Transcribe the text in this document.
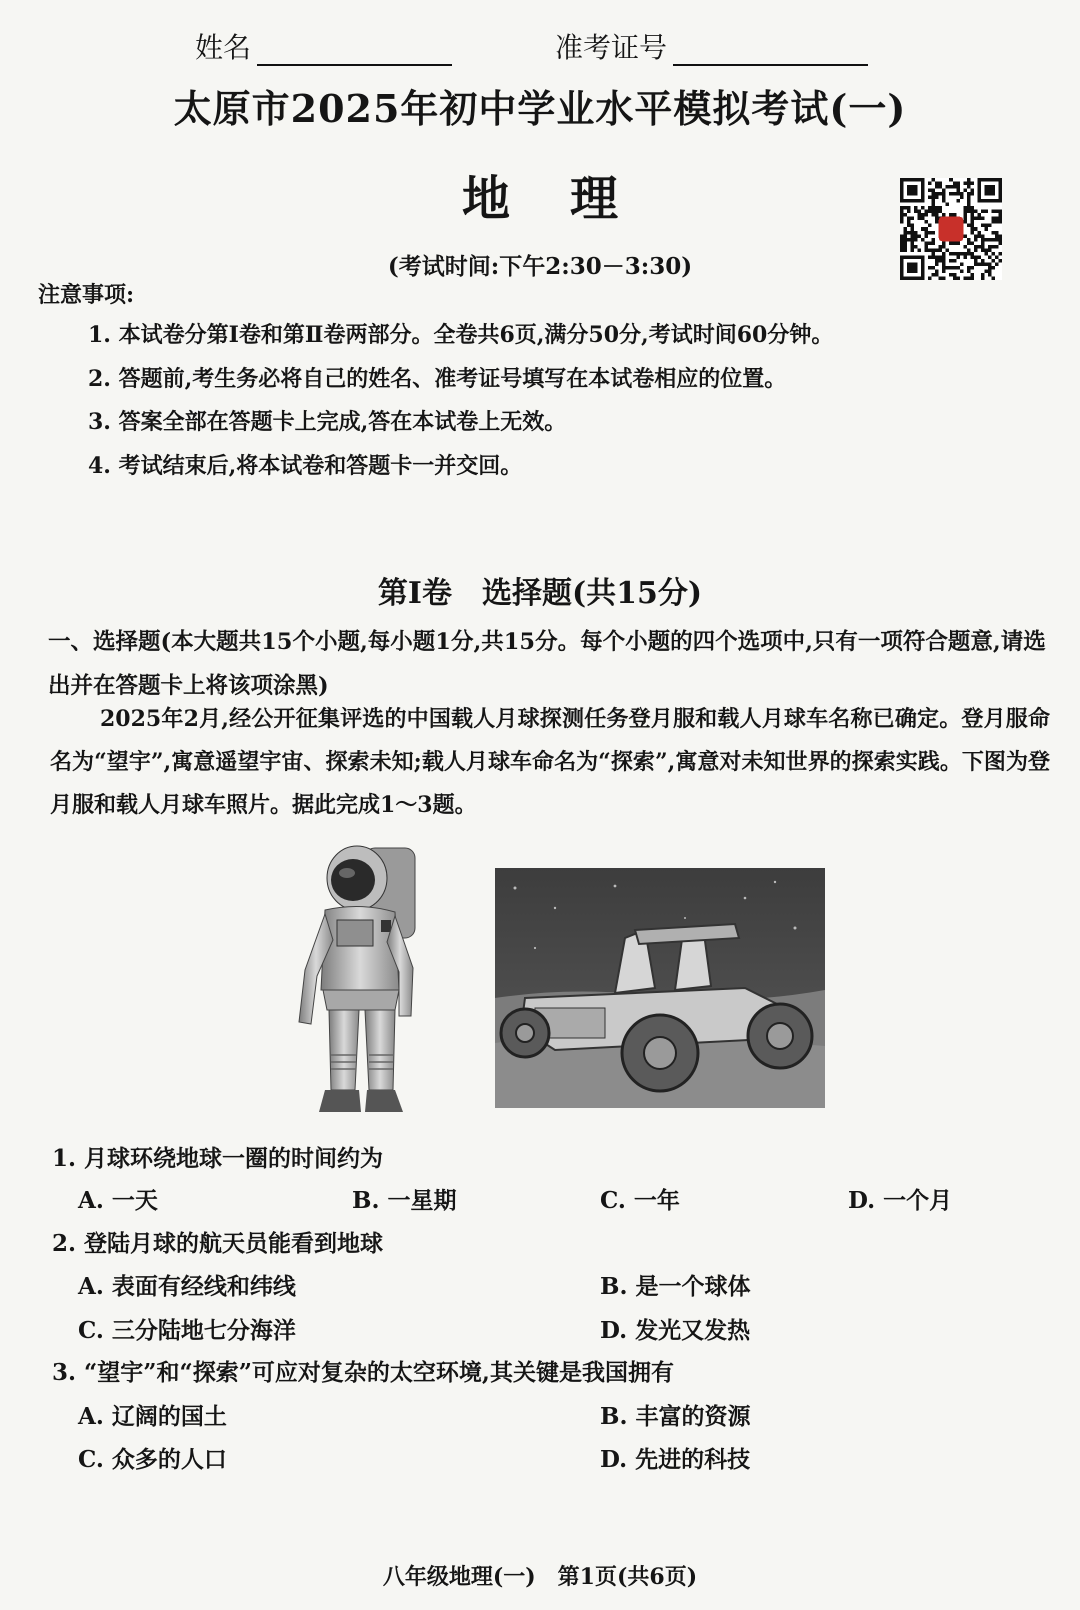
姓名	准考证号
太原市2025年初中学业水平模拟考试(一)
地理
(考试时间:下午2:30－3:30)
注意事项:
1. 本试卷分第Ⅰ卷和第Ⅱ卷两部分。全卷共6页,满分50分,考试时间60分钟。
2. 答题前,考生务必将自己的姓名、准考证号填写在本试卷相应的位置。
3. 答案全部在答题卡上完成,答在本试卷上无效。
4. 考试结束后,将本试卷和答题卡一并交回。
第Ⅰ卷　选择题(共15分)
一、选择题(本大题共15个小题,每小题1分,共15分。每个小题的四个选项中,只有一项符合题意,请选出并在答题卡上将该项涂黑)
2025年2月,经公开征集评选的中国载人月球探测任务登月服和载人月球车名称已确定。登月服命名为“望宇”,寓意遥望宇宙、探索未知;载人月球车命名为“探索”,寓意对未知世界的探索实践。下图为登月服和载人月球车照片。据此完成1～3题。
1. 月球环绕地球一圈的时间约为
A. 一天	B. 一星期	C. 一年	D. 一个月
2. 登陆月球的航天员能看到地球
A. 表面有经线和纬线	B. 是一个球体
C. 三分陆地七分海洋	D. 发光又发热
3. “望宇”和“探索”可应对复杂的太空环境,其关键是我国拥有
A. 辽阔的国土	B. 丰富的资源
C. 众多的人口	D. 先进的科技
八年级地理(一)　第1页(共6页)
